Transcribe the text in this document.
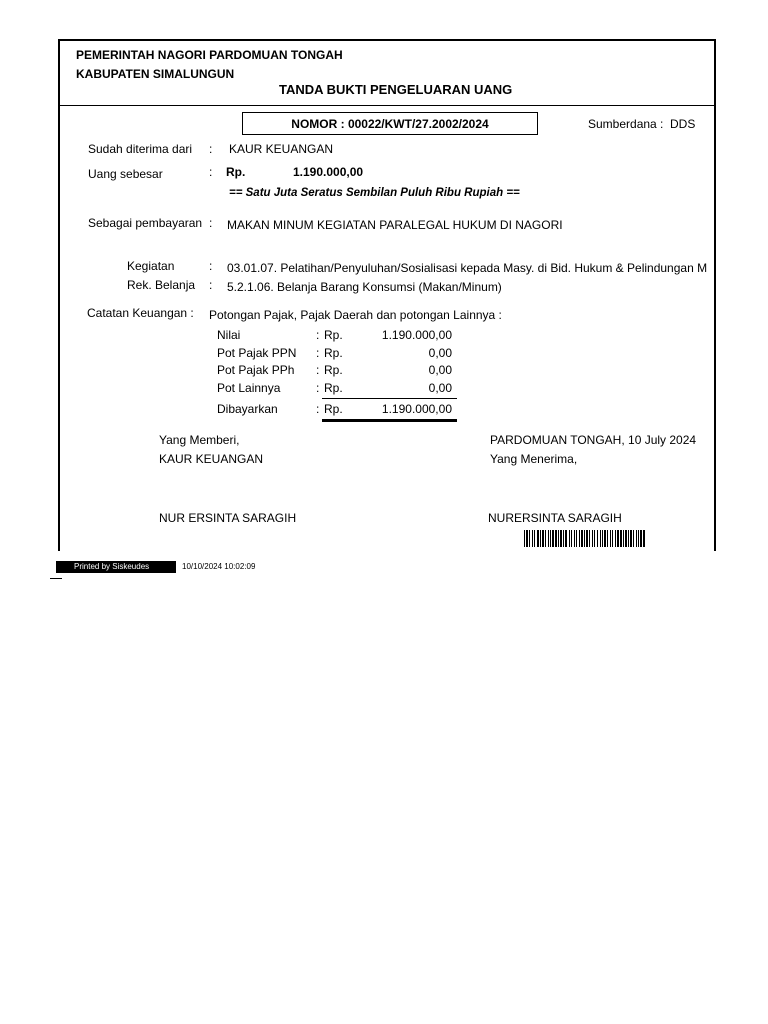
PEMERINTAH NAGORI PARDOMUAN TONGAH
KABUPATEN SIMALUNGUN
TANDA BUKTI PENGELUARAN UANG
NOMOR : 00022/KWT/27.2002/2024	Sumberdana : DDS
Sudah diterima dari : KAUR KEUANGAN
Uang sebesar	: Rp.	1.190.000,00
== Satu Juta Seratus Sembilan Puluh Ribu Rupiah ==
Sebagai pembayaran : MAKAN MINUM KEGIATAN PARALEGAL HUKUM DI NAGORI
Kegiatan	: 03.01.07. Pelatihan/Penyuluhan/Sosialisasi kepada Masy. di Bid. Hukum & Pelindungan M
Rek. Belanja : 5.2.1.06. Belanja Barang Konsumsi (Makan/Minum)
Catatan Keuangan : Potongan Pajak, Pajak Daerah dan potongan Lainnya :
Nilai	: Rp.	1.190.000,00
Pot Pajak PPN : Rp.	0,00
Pot Pajak PPh : Rp.	0,00
Pot Lainnya	: Rp.	0,00
Dibayarkan	: Rp.	1.190.000,00
Yang Memberi,
KAUR KEUANGAN
NUR ERSINTA SARAGIH
PARDOMUAN TONGAH, 10 July 2024
Yang Menerima,
NURERSINTA SARAGIH
Printed by Siskeudes	10/10/2024 10:02:09
